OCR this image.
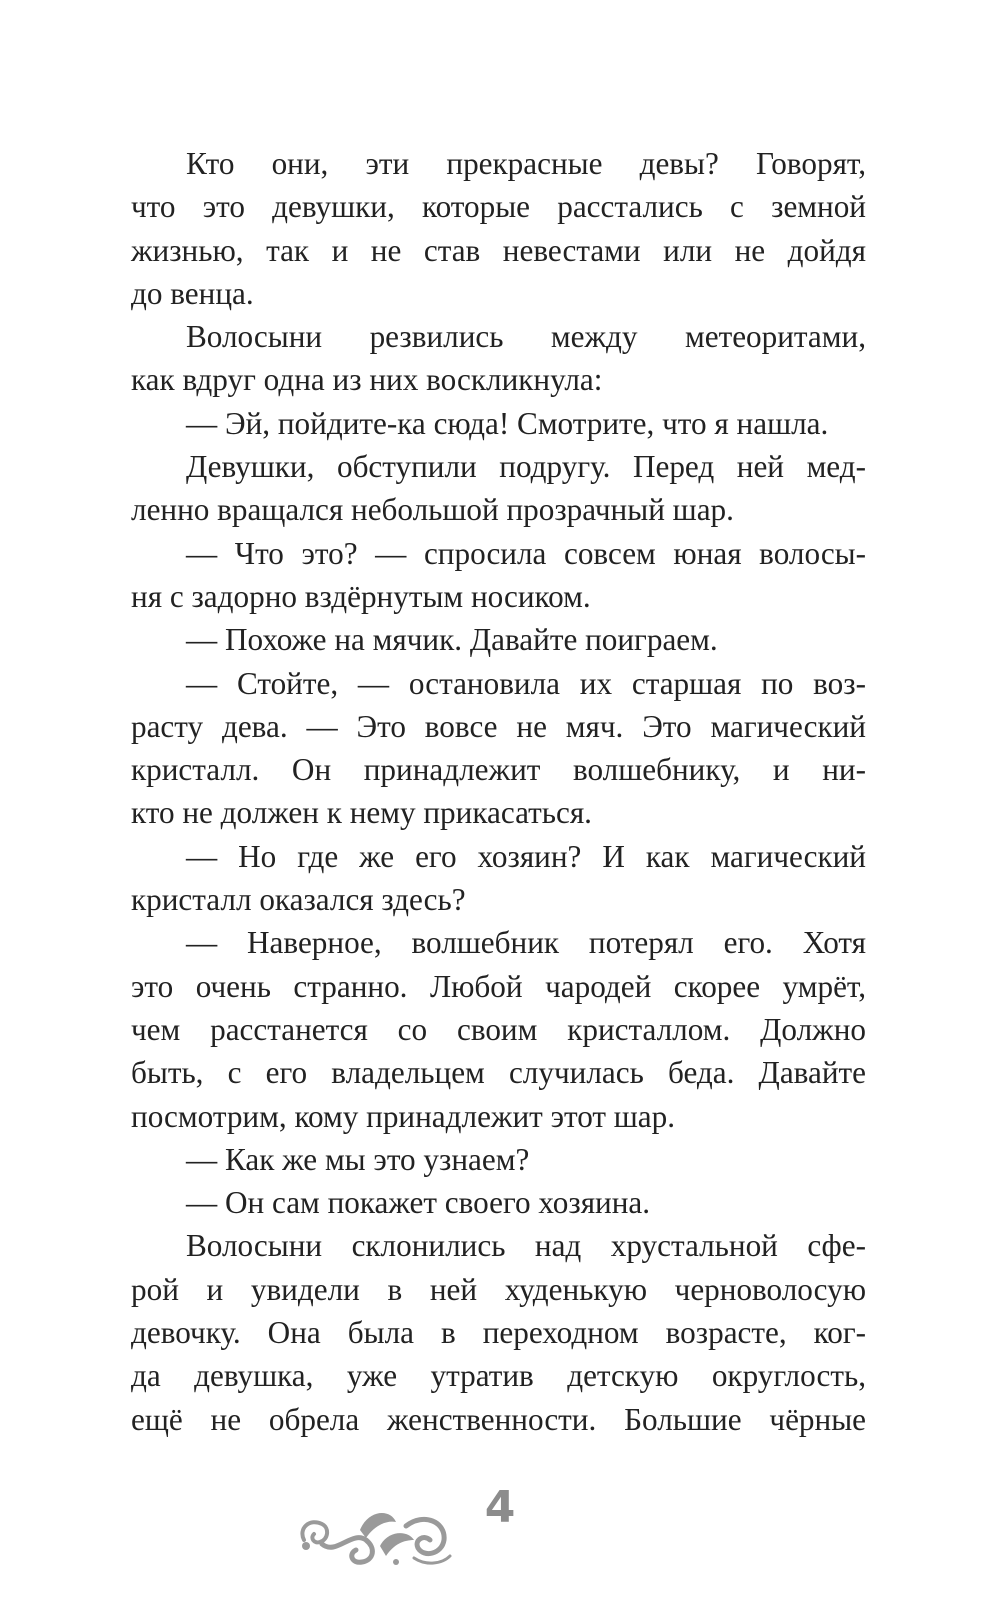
Кто они, эти прекрасные девы? Говорят,
что это девушки, которые расстались с земной
жизнью, так и не став невестами или не дойдя
до венца.
Волосыни резвились между метеоритами,
как вдруг одна из них воскликнула:
— Эй, пойдите-ка сюда! Смотрите, что я нашла.
Девушки, обступили подругу. Перед ней мед-
ленно вращался небольшой прозрачный шар.
— Что это? — спросила совсем юная волосы-
ня с задорно вздёрнутым носиком.
— Похоже на мячик. Давайте поиграем.
— Стойте, — остановила их старшая по воз-
расту дева. — Это вовсе не мяч. Это магический
кристалл. Он принадлежит волшебнику, и ни-
кто не должен к нему прикасаться.
— Но где же его хозяин? И как магический
кристалл оказался здесь?
— Наверное, волшебник потерял его. Хотя
это очень странно. Любой чародей скорее умрёт,
чем расстанется со своим кристаллом. Должно
быть, с его владельцем случилась беда. Давайте
посмотрим, кому принадлежит этот шар.
— Как же мы это узнаем?
— Он сам покажет своего хозяина.
Волосыни склонились над хрустальной сфе-
рой и увидели в ней худенькую черноволосую
девочку. Она была в переходном возрасте, ког-
да девушка, уже утратив детскую округлость,
ещё не обрела женственности. Большие чёрные
4
